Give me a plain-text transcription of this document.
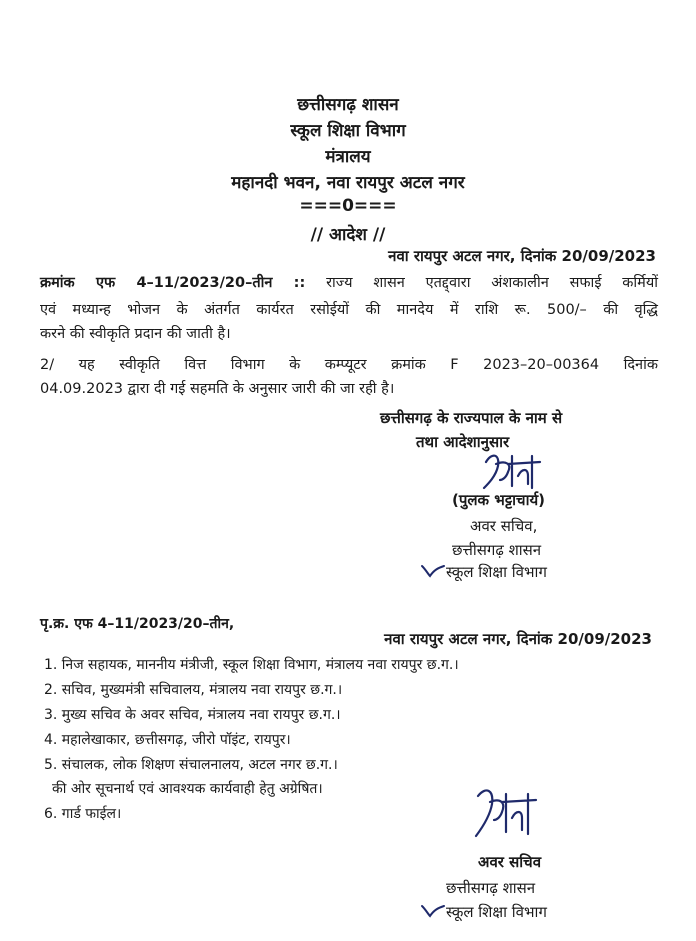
छत्तीसगढ़ शासन
स्कूल शिक्षा विभाग
मंत्रालय
महानदी भवन, नवा रायपुर अटल नगर
===0===
// आदेश //
नवा रायपुर अटल नगर, दिनांक 20/09/2023
क्रमांक एफ 4–11/2023/20–तीन :: राज्य शासन एतद्द्वारा अंशकालीन सफाई कर्मियों
एवं मध्यान्ह भोजन के अंतर्गत कार्यरत रसोईयों की मानदेय में राशि रू. 500/– की वृद्धि
करने की स्वीकृति प्रदान की जाती है।
2/ यह स्वीकृति वित्त विभाग के कम्प्यूटर क्रमांक F 2023–20–00364 दिनांक
04.09.2023 द्वारा दी गई सहमति के अनुसार जारी की जा रही है।
छत्तीसगढ़ के राज्यपाल के नाम से
तथा आदेशानुसार
(पुलक भट्टाचार्य)
अवर सचिव,
छत्तीसगढ़ शासन
स्कूल शिक्षा विभाग
पृ.क्र. एफ 4–11/2023/20–तीन,
नवा रायपुर अटल नगर, दिनांक 20/09/2023
1. निज सहायक, माननीय मंत्रीजी, स्कूल शिक्षा विभाग, मंत्रालय नवा रायपुर छ.ग.।
2. सचिव, मुख्यमंत्री सचिवालय, मंत्रालय नवा रायपुर छ.ग.।
3. मुख्य सचिव के अवर सचिव, मंत्रालय नवा रायपुर छ.ग.।
4. महालेखाकार, छत्तीसगढ़, जीरो पॉइंट, रायपुर।
5. संचालक, लोक शिक्षण संचालनालय, अटल नगर छ.ग.।
की ओर सूचनार्थ एवं आवश्यक कार्यवाही हेतु अग्रेषित।
6. गार्ड फाईल।
अवर सचिव
छत्तीसगढ़ शासन
स्कूल शिक्षा विभाग
